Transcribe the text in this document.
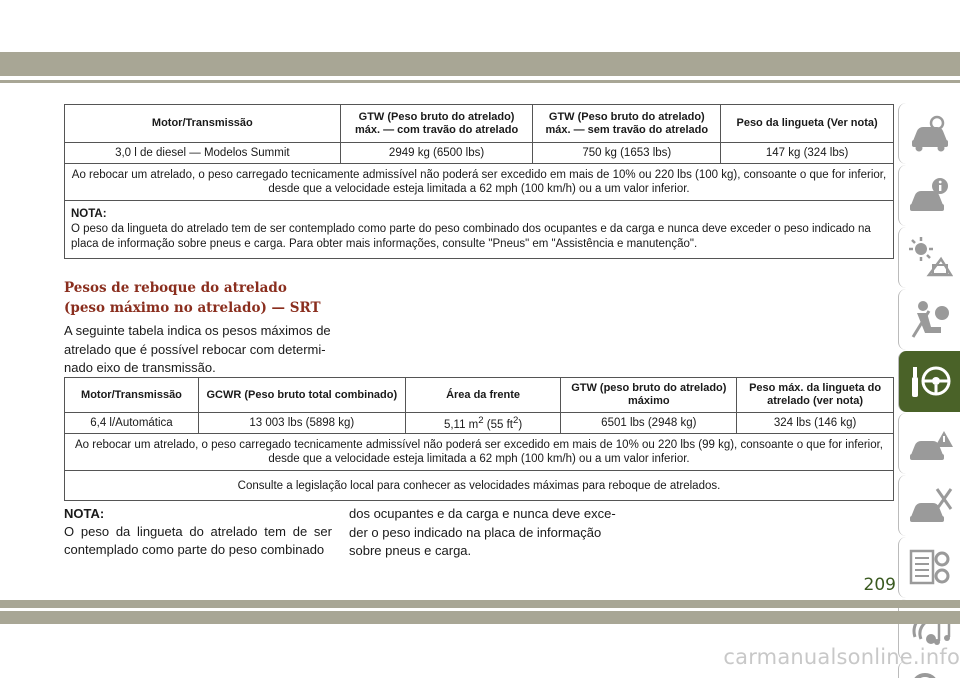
Motor/Transmissão	GTW (Peso bruto do atrelado) máx. — com travão do atrelado	GTW (Peso bruto do atrelado) máx. — sem travão do atrelado	Peso da lingueta (Ver nota)
3,0 l de diesel — Modelos Summit	2949 kg (6500 lbs)	750 kg (1653 lbs)	147 kg (324 lbs)
Ao rebocar um atrelado, o peso carregado tecnicamente admissível não poderá ser excedido em mais de 10% ou 220 lbs (100 kg), consoante o que for inferior, desde que a velocidade esteja limitada a 62 mph (100 km/h) ou a um valor inferior.			

NOTA:
O peso da lingueta do atrelado tem de ser contemplado como parte do peso combinado dos ocupantes e da carga e nunca deve exceder o peso indicado na placa de informação sobre pneus e carga. Para obter mais informações, consulte "Pneus" em "Assistência e manutenção".			
Pesos de reboque do atrelado
(peso máximo no atrelado) — SRT
A seguinte tabela indica os pesos máximos de atrelado que é possível rebocar com determi-nado eixo de transmissão.
Motor/Transmissão	GCWR (Peso bruto total combinado)	Área da frente	GTW (peso bruto do atrelado) máximo	Peso máx. da lingueta do atrelado (ver nota)
6,4 l/Automática	13 003 lbs (5898 kg)	5,11 $m^2$ (55 $ft^2$)	6501 lbs (2948 kg)	324 lbs (146 kg)
Ao rebocar um atrelado, o peso carregado tecnicamente admissível não poderá ser excedido em mais de 10% ou 220 lbs (99 kg), consoante o que for inferior, desde que a velocidade esteja limitada a 62 mph (100 km/h) ou a um valor inferior.				
Consulte a legislação local para conhecer as velocidades máximas para reboque de atrelados.				
NOTA:
O peso da lingueta do atrelado tem de ser contemplado como parte do peso combinado
dos ocupantes e da carga e nunca deve exce-der o peso indicado na placa de informação sobre pneus e carga.
209
carmanualsonline.info
